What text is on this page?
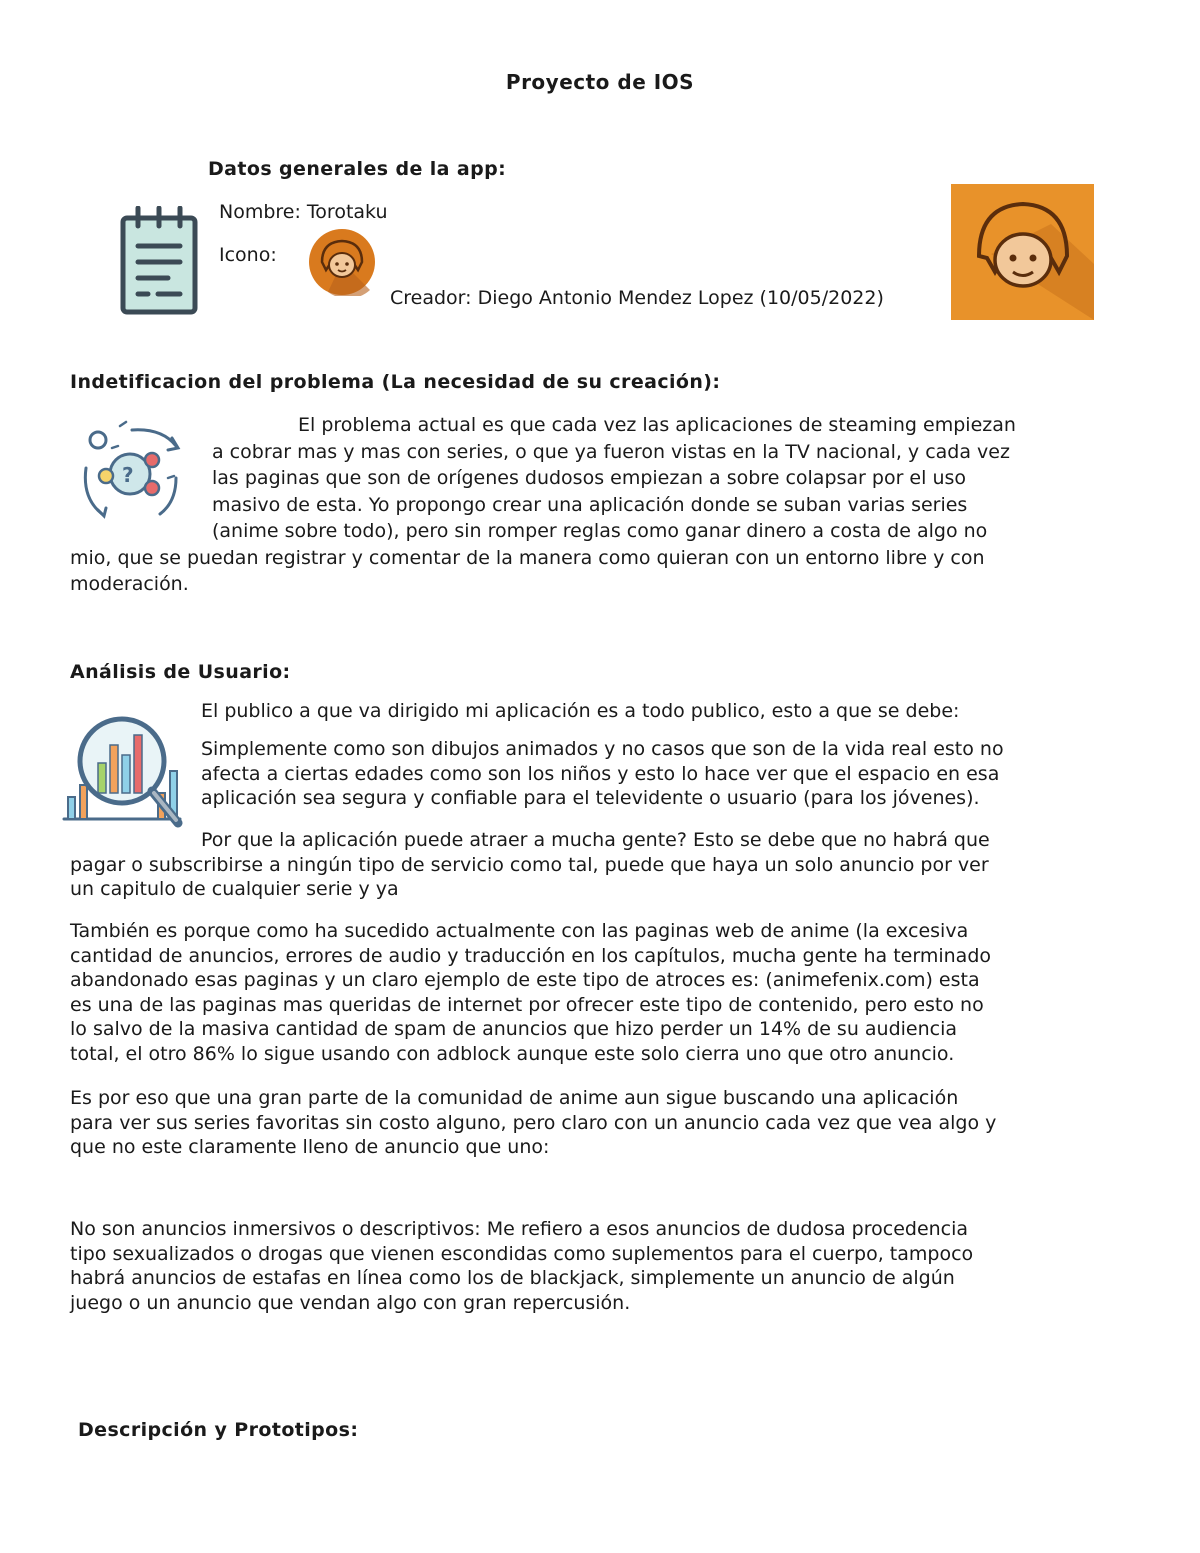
Proyecto de IOS
Datos generales de la app:
Nombre: Torotaku
Icono:
Creador: Diego Antonio Mendez Lopez (10/05/2022)
Indetificacion del problema (La necesidad de su creación):
?
El problema actual es que cada vez las aplicaciones de steaming empiezan
a cobrar mas y mas con series, o que ya fueron vistas en la TV nacional, y cada vez
las paginas que son de orígenes dudosos empiezan a sobre colapsar por el uso
masivo de esta. Yo propongo crear una aplicación donde se suban varias series
(anime sobre todo), pero sin romper reglas como ganar dinero a costa de algo no
mio, que se puedan registrar y comentar de la manera como quieran con un entorno libre y con
moderación.
Análisis de Usuario:
El publico a que va dirigido mi aplicación es a todo publico, esto a que se debe:
Simplemente como son dibujos animados y no casos que son de la vida real esto no
afecta a ciertas edades como son los niños y esto lo hace ver que el espacio en esa
aplicación sea segura y confiable para el televidente o usuario (para los jóvenes).
Por que la aplicación puede atraer a mucha gente? Esto se debe que no habrá que
pagar o subscribirse a ningún tipo de servicio como tal, puede que haya un solo anuncio por ver
un capitulo de cualquier serie y ya
También es porque como ha sucedido actualmente con las paginas web de anime (la excesiva
cantidad de anuncios, errores de audio y traducción en los capítulos, mucha gente ha terminado
abandonado esas paginas y un claro ejemplo de este tipo de atroces es: (animefenix.com) esta
es una de las paginas mas queridas de internet por ofrecer este tipo de contenido, pero esto no
lo salvo de la masiva cantidad de spam de anuncios que hizo perder un 14% de su audiencia
total, el otro 86% lo sigue usando con adblock aunque este solo cierra uno que otro anuncio.
Es por eso que una gran parte de la comunidad de anime aun sigue buscando una aplicación
para ver sus series favoritas sin costo alguno, pero claro con un anuncio cada vez que vea algo y
que no este claramente lleno de anuncio que uno:
No son anuncios inmersivos o descriptivos: Me refiero a esos anuncios de dudosa procedencia
tipo sexualizados o drogas que vienen escondidas como suplementos para el cuerpo, tampoco
habrá anuncios de estafas en línea como los de blackjack, simplemente un anuncio de algún
juego o un anuncio que vendan algo con gran repercusión.
Descripción y Prototipos:
